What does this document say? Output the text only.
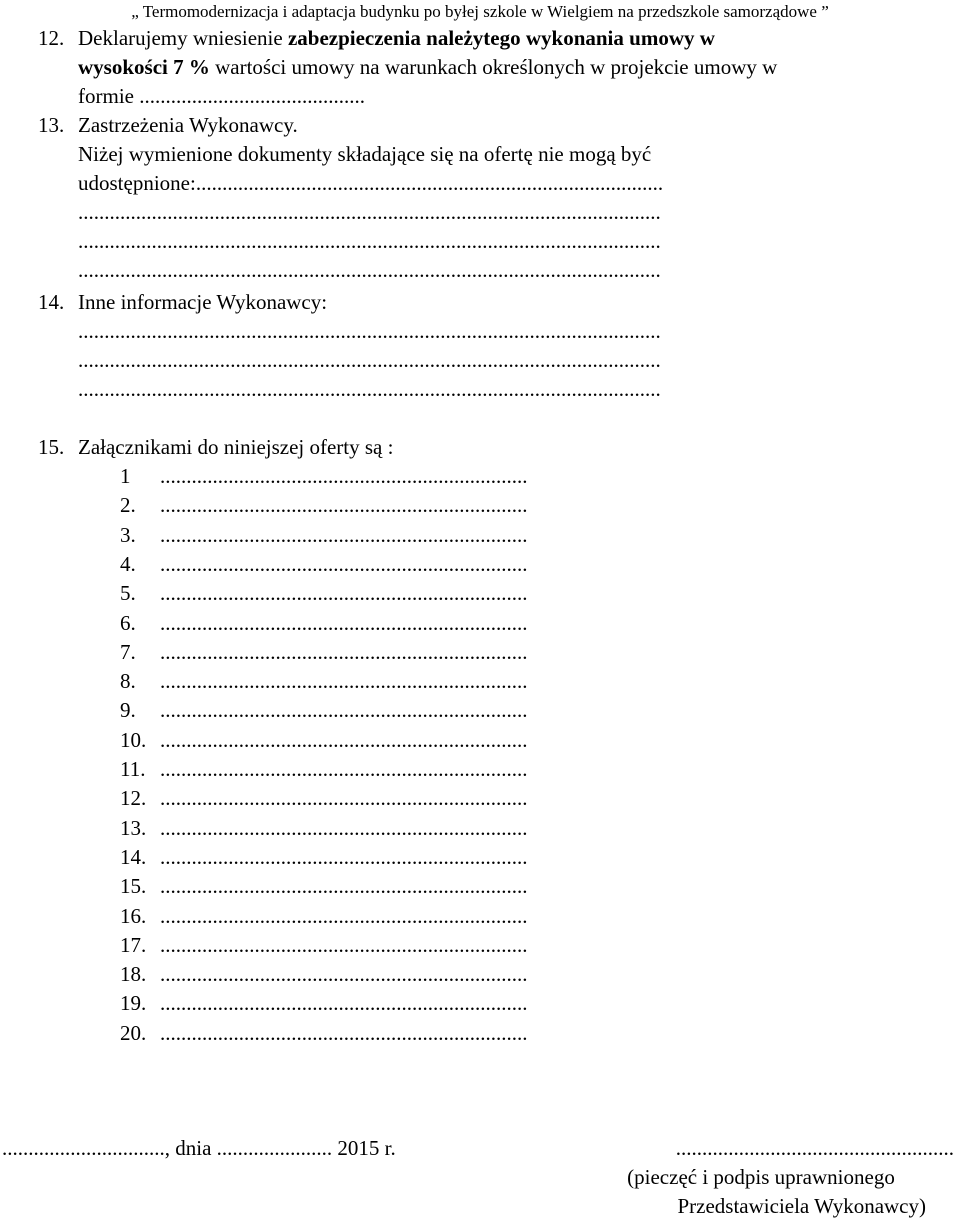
„ Termomodernizacja i adaptacja budynku po byłej szkole w Wielgiem na przedszkole samorządowe ”
12. Deklarujemy wniesienie zabezpieczenia należytego wykonania umowy w
wysokości 7 % wartości umowy na warunkach określonych w projekcie umowy w
formie ...........................................
13. Zastrzeżenia Wykonawcy.
Niżej wymienione dokumenty składające się na ofertę nie mogą być
udostępnione:.........................................................................................
...............................................................................................................
...............................................................................................................
...............................................................................................................
14. Inne informacje Wykonawcy:
...............................................................................................................
...............................................................................................................
...............................................................................................................
15. Załącznikami do niniejszej oferty są :
1 ......................................................................
2. ......................................................................
3. ......................................................................
4. ......................................................................
5. ......................................................................
6. ......................................................................
7. ......................................................................
8. ......................................................................
9. ......................................................................
10. ......................................................................
11. ......................................................................
12. ......................................................................
13. ......................................................................
14. ......................................................................
15. ......................................................................
16. ......................................................................
17. ......................................................................
18. ......................................................................
19. ......................................................................
20. ......................................................................
..............................., dnia ...................... 2015 r.	.....................................................
(pieczęć i podpis uprawnionego
Przedstawiciela Wykonawcy)
